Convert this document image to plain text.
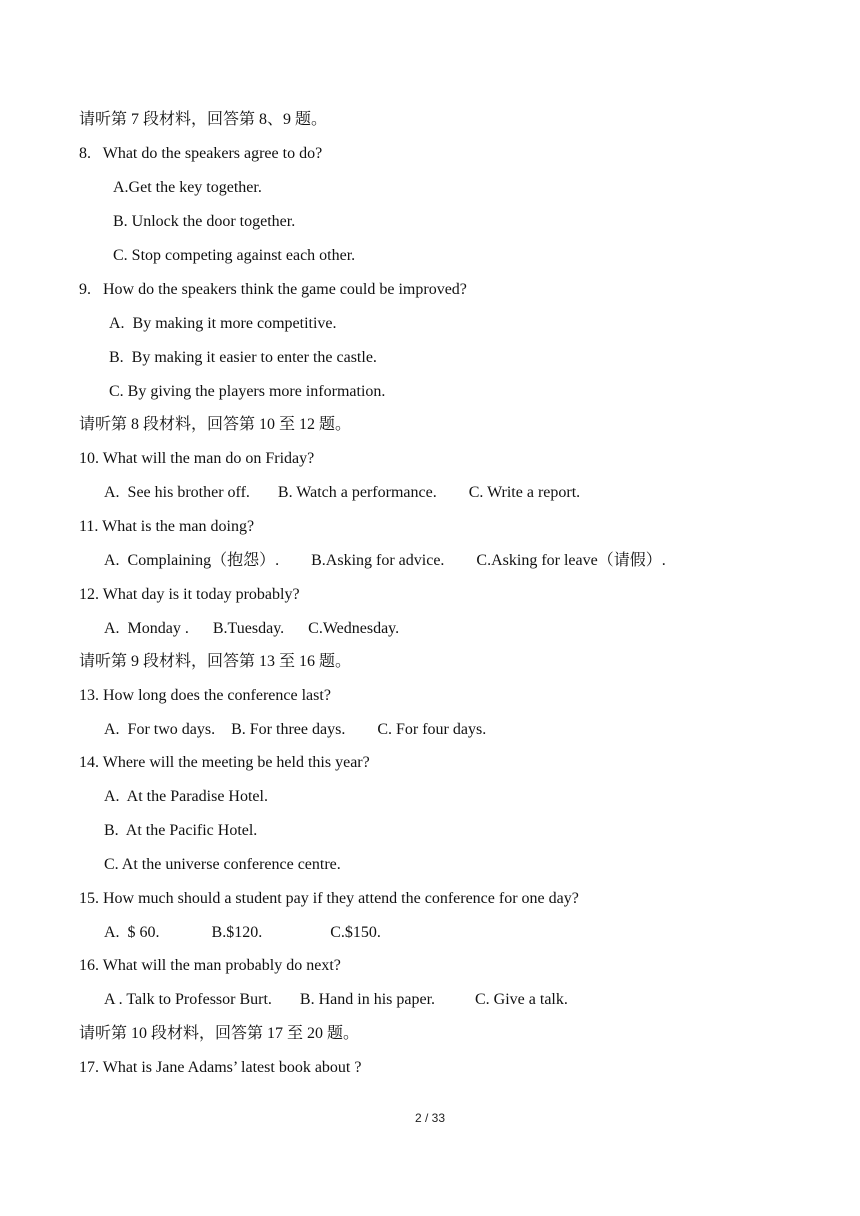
请听第 7 段材料，回答第 8、9 题。
8.   What do the speakers agree to do?
A.Get the key together.
B. Unlock the door together.
C. Stop competing against each other.
9.   How do the speakers think the game could be improved?
A.  By making it more competitive.
B.  By making it easier to enter the castle.
C. By giving the players more information.
请听第 8 段材料，回答第 10 至 12 题。
10. What will the man do on Friday?
A.  See his brother off.       B. Watch a performance.        C. Write a report.
11. What is the man doing?
A.  Complaining（抱怨）.        B.Asking for advice.        C.Asking for leave（请假）.
12. What day is it today probably?
A.  Monday .      B.Tuesday.      C.Wednesday.
请听第 9 段材料，回答第 13 至 16 题。
13. How long does the conference last?
A.  For two days.    B. For three days.        C. For four days.
14. Where will the meeting be held this year?
A.  At the Paradise Hotel.
B.  At the Pacific Hotel.
C. At the universe conference centre.
15. How much should a student pay if they attend the conference for one day?
A.  $ 60.             B.$120.                 C.$150.
16. What will the man probably do next?
A . Talk to Professor Burt.       B. Hand in his paper.          C. Give a talk.
请听第 10 段材料，回答第 17 至 20 题。
17. What is Jane Adams’ latest book about ?
2 / 33
